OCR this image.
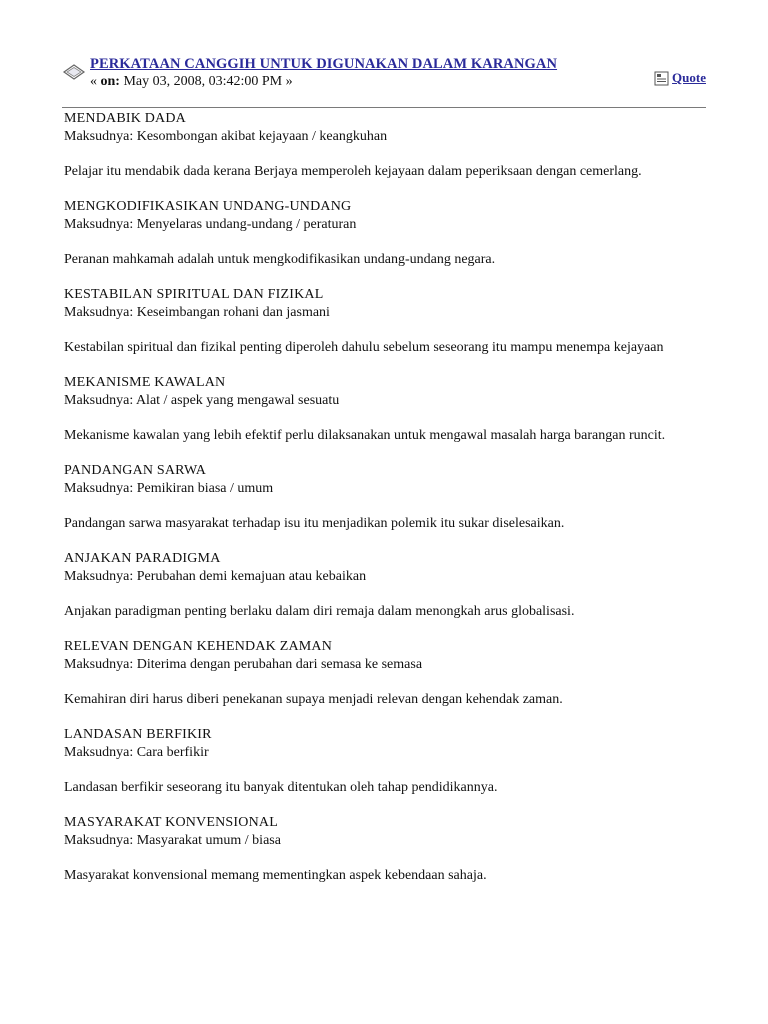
PERKATAAN CANGGIH UNTUK DIGUNAKAN DALAM KARANGAN
« on: May 03, 2008, 03:42:00 PM »	Quote

MENDABIK DADA

Maksudnya: Kesombongan akibat kejayaan / keangkuhan

Pelajar itu mendabik dada kerana Berjaya memperoleh kejayaan dalam peperiksaan dengan cemerlang.

MENGKODIFIKASIKAN UNDANG-UNDANG

Maksudnya: Menyelaras undang-undang / peraturan

Peranan mahkamah adalah untuk mengkodifikasikan undang-undang negara.

KESTABILAN SPIRITUAL DAN FIZIKAL

Maksudnya: Keseimbangan rohani dan jasmani

Kestabilan spiritual dan fizikal penting diperoleh dahulu sebelum seseorang itu mampu menempa kejayaan

MEKANISME KAWALAN

Maksudnya: Alat / aspek yang mengawal sesuatu

Mekanisme kawalan yang lebih efektif perlu dilaksanakan untuk mengawal masalah harga barangan runcit.

PANDANGAN SARWA

Maksudnya: Pemikiran biasa / umum

Pandangan sarwa masyarakat terhadap isu itu menjadikan polemik itu sukar diselesaikan.

ANJAKAN PARADIGMA

Maksudnya: Perubahan demi kemajuan atau kebaikan

Anjakan paradigman penting berlaku dalam diri remaja dalam menongkah arus globalisasi.

RELEVAN DENGAN KEHENDAK ZAMAN

Maksudnya: Diterima dengan perubahan dari semasa ke semasa

Kemahiran diri harus diberi penekanan supaya menjadi relevan dengan kehendak zaman.

LANDASAN BERFIKIR

Maksudnya: Cara berfikir

Landasan berfikir seseorang itu banyak ditentukan oleh tahap pendidikannya.

MASYARAKAT KONVENSIONAL

Maksudnya: Masyarakat umum / biasa

Masyarakat konvensional memang mementingkan aspek kebendaan sahaja.
